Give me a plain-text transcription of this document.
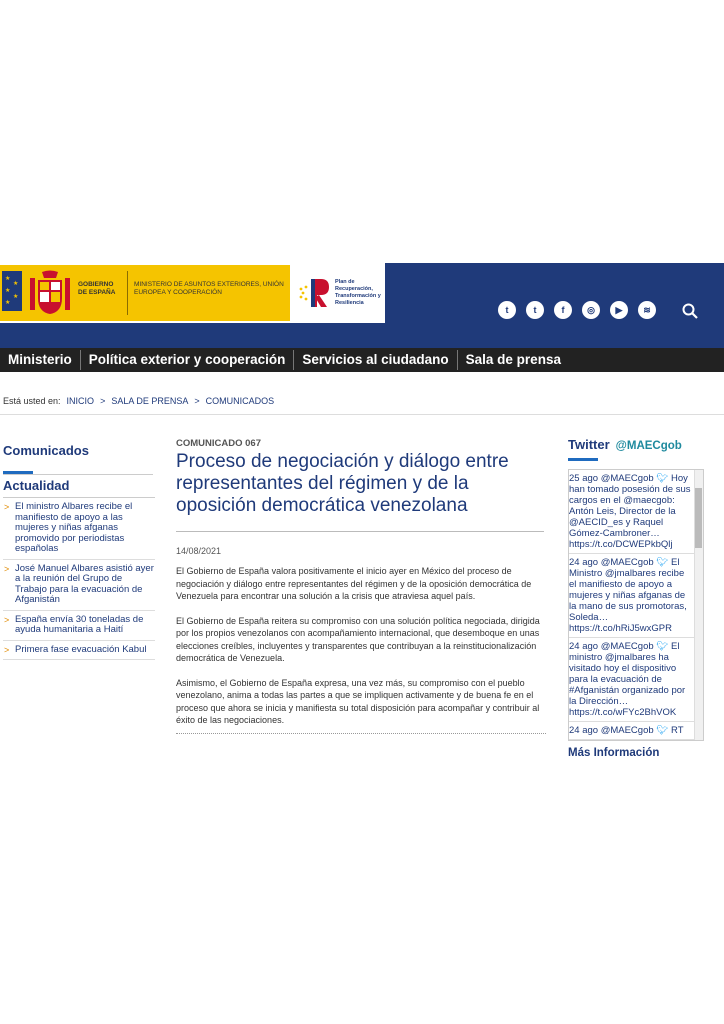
★
★
★
★
★
GOBIERNO DE ESPAÑA
MINISTERIO DE ASUNTOS EXTERIORES, UNIÓN EUROPEA Y COOPERACIÓN
Plan de Recuperación, Transformación y Resiliencia
t	t	f	◎	▶	≋
Ministerio	Política exterior y cooperación	Servicios al ciudadano	Sala de prensa
Está usted en: INICIO > SALA DE PRENSA > COMUNICADOS
Comunicados
Actualidad
> El ministro Albares recibe el manifiesto de apoyo a las mujeres y niñas afganas promovido por periodistas españolas
> José Manuel Albares asistió ayer a la reunión del Grupo de Trabajo para la evacuación de Afganistán
> España envía 30 toneladas de ayuda humanitaria a Haití
> Primera fase evacuación Kabul
COMUNICADO 067
Proceso de negociación y diálogo entre representantes del régimen y de la oposición democrática venezolana
14/08/2021

El Gobierno de España valora positivamente el inicio ayer en México del proceso de negociación y diálogo entre representantes del régimen y de la oposición democrática de Venezuela para encontrar una solución a la crisis que atraviesa aquel país.

El Gobierno de España reitera su compromiso con una solución política negociada, dirigida por los propios venezolanos con acompañamiento internacional, que desemboque en unas elecciones creíbles, incluyentes y transparentes que contribuyan a la reinstitucionalización democrática de Venezuela.

Asimismo, el Gobierno de España expresa, una vez más, su compromiso con el pueblo venezolano, anima a todas las partes a que se impliquen activamente y de buena fe en el proceso que ahora se inicia y manifiesta su total disposición para acompañar y contribuir al éxito de las negociaciones.

Twitter @MAECgob
25 ago @MAECgob 🐦︎ Hoy han tomado posesión de sus cargos en el @maecgob: Antón Leis, Director de la @AECID_es y Raquel Gómez-Cambroner… https://t.co/DCWEPkbQlj
24 ago @MAECgob 🐦︎ El Ministro @jmalbares recibe el manifiesto de apoyo a mujeres y niñas afganas de la mano de sus promotoras, Soleda… https://t.co/hRiJ5wxGPR
24 ago @MAECgob 🐦︎ El ministro @jmalbares ha visitado hoy el dispositivo para la evacuación de #Afganistán organizado por la Dirección… https://t.co/wFYc2BhVOK
24 ago @MAECgob 🐦︎ RT
Más Información
